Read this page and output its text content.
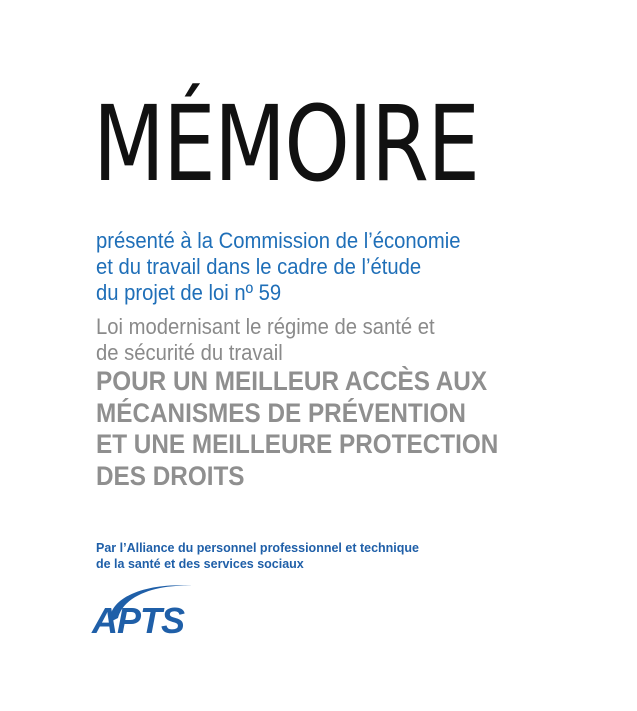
MÉMOIRE
présenté à la Commission de l’économie
et du travail dans le cadre de l’étude
du projet de loi nº 59
Loi modernisant le régime de santé et
de sécurité du travail
POUR UN MEILLEUR ACCÈS AUX
MÉCANISMES DE PRÉVENTION
ET UNE MEILLEURE PROTECTION
DES DROITS
Par l’Alliance du personnel professionnel et technique
de la santé et des services sociaux
APTS
